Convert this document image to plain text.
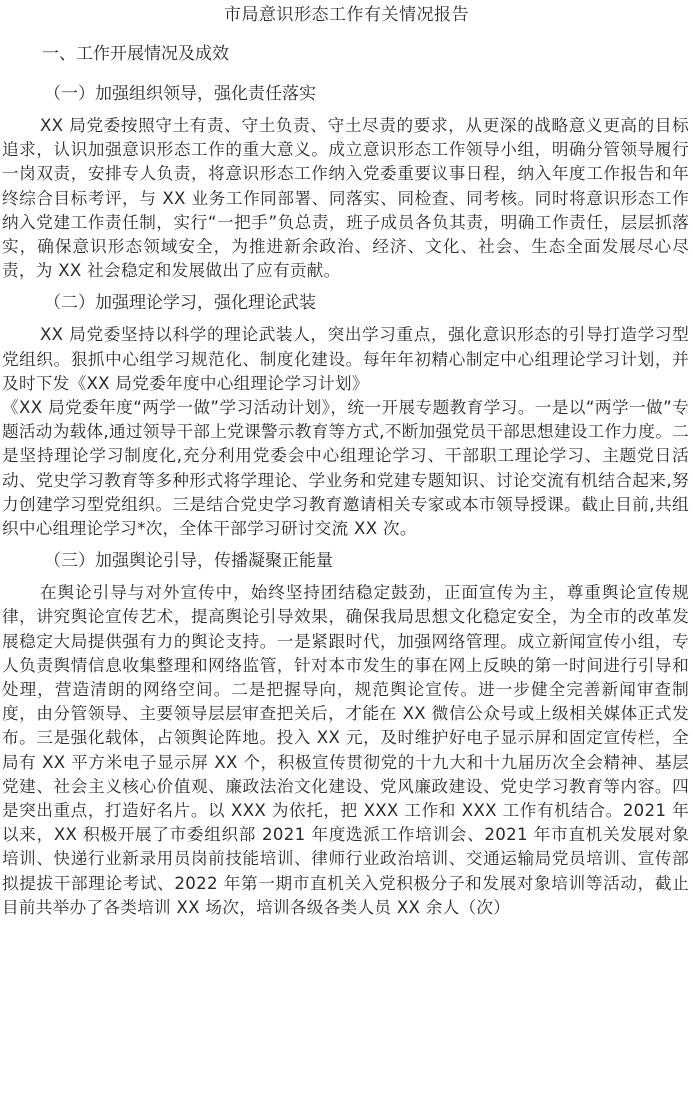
市局意识形态工作有关情况报告
一、工作开展情况及成效
（一）加强组织领导，强化责任落实

XX 局党委按照守土有责、守土负责、守土尽责的要求，从更深的战略意义更高的目标追求，认识加强意识形态工作的重大意义。成立意识形态工作领导小组，明确分管领导履行一岗双责，安排专人负责，将意识形态工作纳入党委重要议事日程，纳入年度工作报告和年终综合目标考评，与 XX 业务工作同部署、同落实、同检查、同考核。同时将意识形态工作纳入党建工作责任制，实行“一把手”负总责，班子成员各负其责，明确工作责任，层层抓落实，确保意识形态领域安全，为推进新余政治、经济、文化、社会、生态全面发展尽心尽责，为 XX 社会稳定和发展做出了应有贡献。

（二）加强理论学习，强化理论武装

XX 局党委坚持以科学的理论武装人，突出学习重点，强化意识形态的引导打造学习型党组织。狠抓中心组学习规范化、制度化建设。每年年初精心制定中心组理论学习计划，并及时下发《XX 局党委年度中心组理论学习计划》
《XX 局党委年度“两学一做”学习活动计划》，统一开展专题教育学习。一是以“两学一做”专题活动为载体,通过领导干部上党课警示教育等方式,不断加强党员干部思想建设工作力度。二是坚持理论学习制度化,充分利用党委会中心组理论学习、干部职工理论学习、主题党日活动、党史学习教育等多种形式将学理论、学业务和党建专题知识、讨论交流有机结合起来,努力创建学习型党组织。三是结合党史学习教育邀请相关专家或本市领导授课。截止目前,共组织中心组理论学习*次，全体干部学习研讨交流 XX 次。

（三）加强舆论引导，传播凝聚正能量

在舆论引导与对外宣传中，始终坚持团结稳定鼓劲，正面宣传为主，尊重舆论宣传规律，讲究舆论宣传艺术，提高舆论引导效果，确保我局思想文化稳定安全，为全市的改革发展稳定大局提供强有力的舆论支持。一是紧跟时代，加强网络管理。成立新闻宣传小组，专人负责舆情信息收集整理和网络监管，针对本市发生的事在网上反映的第一时间进行引导和处理，营造清朗的网络空间。二是把握导向，规范舆论宣传。进一步健全完善新闻审查制度，由分管领导、主要领导层层审查把关后，才能在 XX 微信公众号或上级相关媒体正式发布。三是强化载体，占领舆论阵地。投入 XX 元，及时维护好电子显示屏和固定宣传栏，全局有 XX 平方米电子显示屏 XX 个，积极宣传贯彻党的十九大和十九届历次全会精神、基层党建、社会主义核心价值观、廉政法治文化建设、党风廉政建设、党史学习教育等内容。四是突出重点，打造好名片。以 XXX 为依托，把 XXX 工作和 XXX 工作有机结合。2021 年以来，XX 积极开展了市委组织部 2021 年度选派工作培训会、2021 年市直机关发展对象培训、快递行业新录用员岗前技能培训、律师行业政治培训、交通运输局党员培训、宣传部拟提拔干部理论考试、2022 年第一期市直机关入党积极分子和发展对象培训等活动，截止目前共举办了各类培训 XX 场次，培训各级各类人员 XX 余人（次）
